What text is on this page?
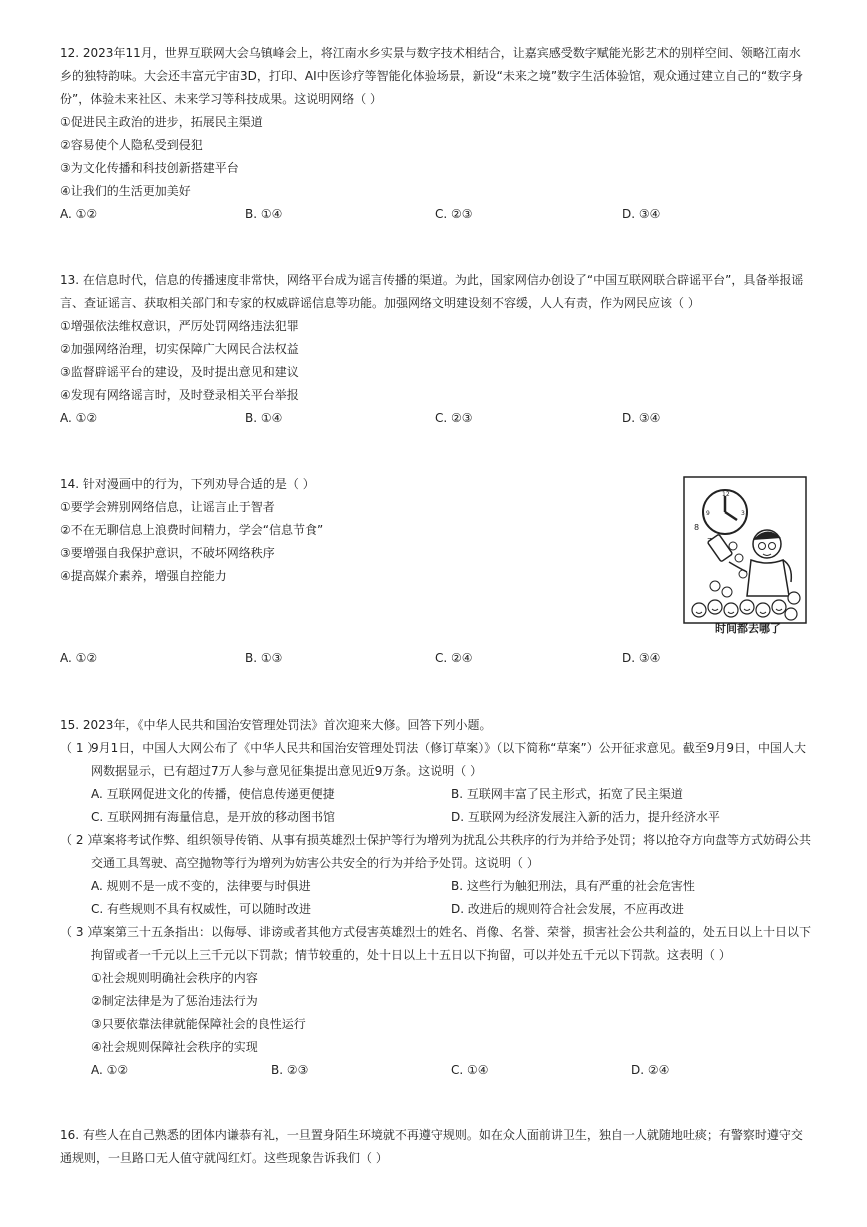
12. 2023年11月，世界互联网大会乌镇峰会上，将江南水乡实景与数字技术相结合，让嘉宾感受数字赋能光影艺术的别样空间、领略江南水乡的独特韵味。大会还丰富元宇宙3D，打印、AI中医诊疗等智能化体验场景，新设“未来之境”数字生活体验馆，观众通过建立自己的“数字身份”，体验未来社区、未来学习等科技成果。这说明网络（ ）

①促进民主政治的进步，拓展民主渠道

②容易使个人隐私受到侵犯

③为文化传播和科技创新搭建平台

④让我们的生活更加美好

A. ①②	B. ①④	C. ②③	D. ③④

13. 在信息时代，信息的传播速度非常快，网络平台成为谣言传播的渠道。为此，国家网信办创设了“中国互联网联合辟谣平台”，具备举报谣言、查证谣言、获取相关部门和专家的权威辟谣信息等功能。加强网络文明建设刻不容缓，人人有责，作为网民应该（ ）

①增强依法维权意识，严厉处罚网络违法犯罪

②加强网络治理，切实保障广大网民合法权益

③监督辟谣平台的建设，及时提出意见和建议

④发现有网络谣言时，及时登录相关平台举报

A. ①②	B. ①④	C. ②③	D. ③④

14. 针对漫画中的行为，下列劝导合适的是（ ）

①要学会辨别网络信息，让谣言止于智者

②不在无聊信息上浪费时间精力，学会“信息节食”

③要增强自我保护意识，不破坏网络秩序

④提高媒介素养，增强自控能力

12
3
9
8
时间都去哪了
A. ①②	B. ①③	C. ②④	D. ③④

15. 2023年，《中华人民共和国治安管理处罚法》首次迎来大修。回答下列小题。

（ 1 ）

9月1日，中国人大网公布了《中华人民共和国治安管理处罚法（修订草案）》（以下简称“草案”）公开征求意见。截至9月9日，中国人大网数据显示，已有超过7万人参与意见征集提出意见近9万条。这说明（ ）

A. 互联网促进文化的传播，使信息传递更便捷	B. 互联网丰富了民主形式，拓宽了民主渠道
C. 互联网拥有海量信息，是开放的移动图书馆	D. 互联网为经济发展注入新的活力，提升经济水平
（ 2 ）

草案将考试作弊、组织领导传销、从事有损英雄烈士保护等行为增列为扰乱公共秩序的行为并给予处罚；将以抢夺方向盘等方式妨碍公共交通工具驾驶、高空抛物等行为增列为妨害公共安全的行为并给予处罚。这说明（ ）

A. 规则不是一成不变的，法律要与时俱进	B. 这些行为触犯刑法，具有严重的社会危害性
C. 有些规则不具有权威性，可以随时改进	D. 改进后的规则符合社会发展，不应再改进
（ 3 ）

草案第三十五条指出：以侮辱、诽谤或者其他方式侵害英雄烈士的姓名、肖像、名誉、荣誉，损害社会公共利益的，处五日以上十日以下拘留或者一千元以上三千元以下罚款；情节较重的，处十日以上十五日以下拘留，可以并处五千元以下罚款。这表明（ ）

①社会规则明确社会秩序的内容

②制定法律是为了惩治违法行为

③只要依靠法律就能保障社会的良性运行

④社会规则保障社会秩序的实现

A. ①②	B. ②③	C. ①④	D. ②④

16. 有些人在自己熟悉的团体内谦恭有礼，一旦置身陌生环境就不再遵守规则。如在众人面前讲卫生，独自一人就随地吐痰；有警察时遵守交通规则，一旦路口无人值守就闯红灯。这些现象告诉我们（ ）
